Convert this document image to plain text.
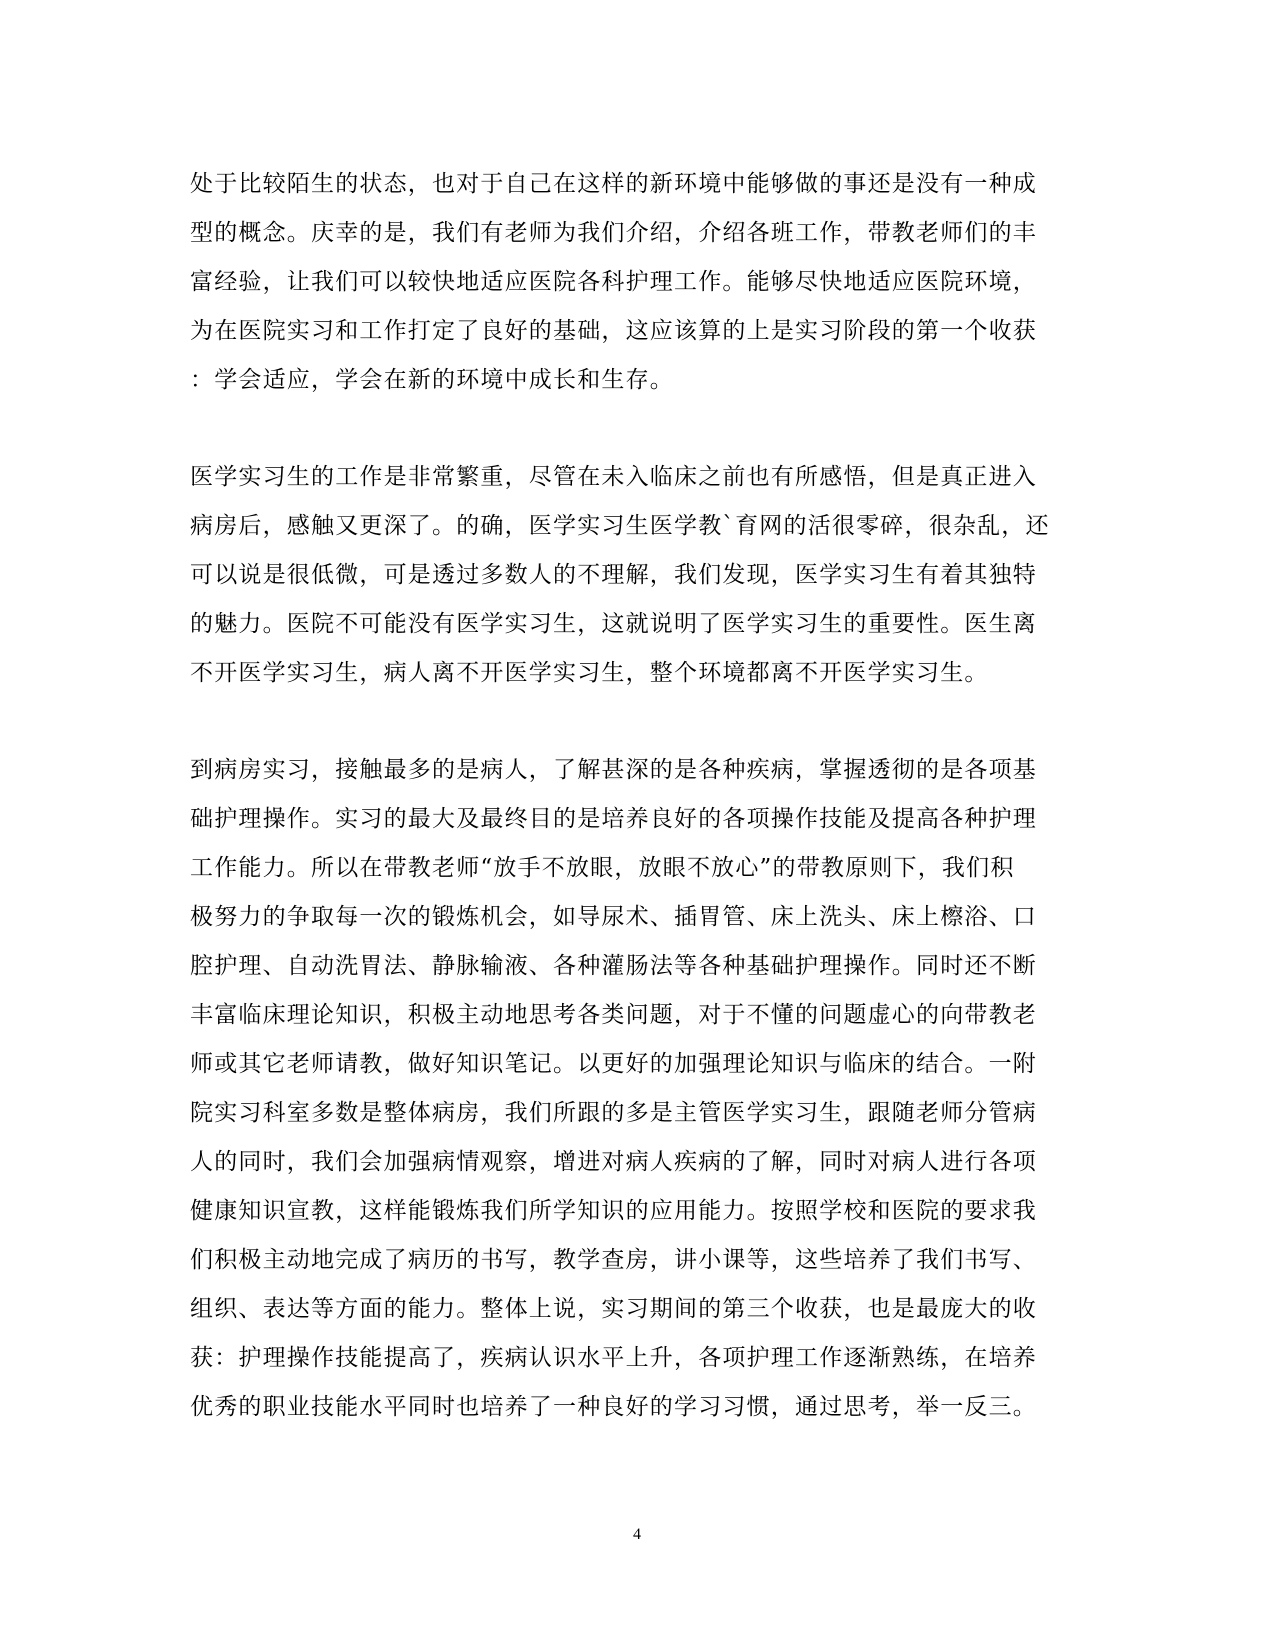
处于比较陌生的状态，也对于自己在这样的新环境中能够做的事还是没有一种成
型的概念。庆幸的是，我们有老师为我们介绍，介绍各班工作，带教老师们的丰
富经验，让我们可以较快地适应医院各科护理工作。能够尽快地适应医院环境，
为在医院实习和工作打定了良好的基础，这应该算的上是实习阶段的第一个收获
：学会适应，学会在新的环境中成长和生存。
医学实习生的工作是非常繁重，尽管在未入临床之前也有所感悟，但是真正进入
病房后，感触又更深了。的确，医学实习生医学教`育网的活很零碎，很杂乱，还
可以说是很低微，可是透过多数人的不理解，我们发现，医学实习生有着其独特
的魅力。医院不可能没有医学实习生，这就说明了医学实习生的重要性。医生离
不开医学实习生，病人离不开医学实习生，整个环境都离不开医学实习生。
到病房实习，接触最多的是病人，了解甚深的是各种疾病，掌握透彻的是各项基
础护理操作。实习的最大及最终目的是培养良好的各项操作技能及提高各种护理
工作能力。所以在带教老师“放手不放眼，放眼不放心”的带教原则下，我们积
极努力的争取每一次的锻炼机会，如导尿术、插胃管、床上洗头、床上檫浴、口
腔护理、自动洗胃法、静脉输液、各种灌肠法等各种基础护理操作。同时还不断
丰富临床理论知识，积极主动地思考各类问题，对于不懂的问题虚心的向带教老
师或其它老师请教，做好知识笔记。以更好的加强理论知识与临床的结合。一附
院实习科室多数是整体病房，我们所跟的多是主管医学实习生，跟随老师分管病
人的同时，我们会加强病情观察，增进对病人疾病的了解，同时对病人进行各项
健康知识宣教，这样能锻炼我们所学知识的应用能力。按照学校和医院的要求我
们积极主动地完成了病历的书写，教学查房，讲小课等，这些培养了我们书写、
组织、表达等方面的能力。整体上说，实习期间的第三个收获，也是最庞大的收
获：护理操作技能提高了，疾病认识水平上升，各项护理工作逐渐熟练，在培养
优秀的职业技能水平同时也培养了一种良好的学习习惯，通过思考，举一反三。
4
